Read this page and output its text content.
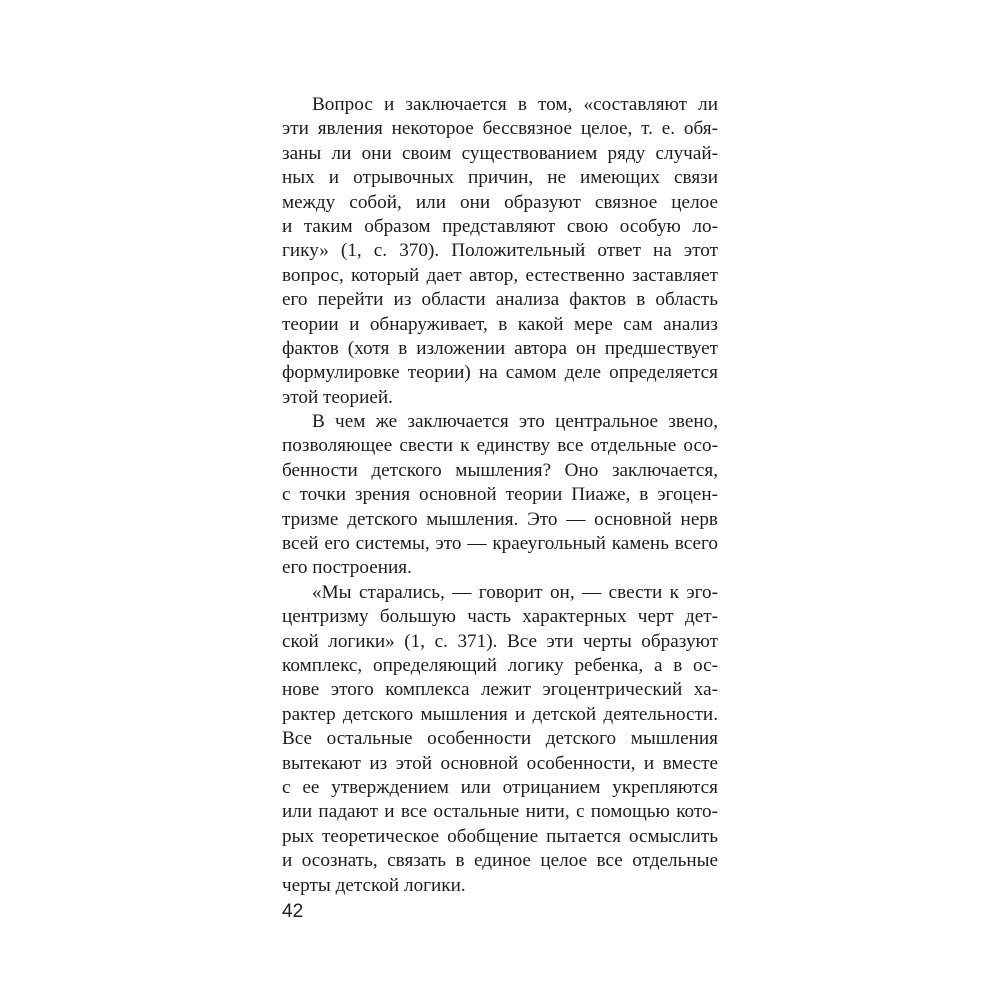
Вопрос и заключается в том, «составляют ли
эти явления некоторое бессвязное целое, т. е. обя-
заны ли они своим существованием ряду случай-
ных и отрывочных причин, не имеющих связи
между собой, или они образуют связное целое
и таким образом представляют свою особую ло-
гику» (1, с. 370). Положительный ответ на этот
вопрос, который дает автор, естественно заставляет
его перейти из области анализа фактов в область
теории и обнаруживает, в какой мере сам анализ
фактов (хотя в изложении автора он предшествует
формулировке теории) на самом деле определяется
этой теорией.
В чем же заключается это центральное звено,
позволяющее свести к единству все отдельные осо-
бенности детского мышления? Оно заключается,
с точки зрения основной теории Пиаже, в эгоцен-
тризме детского мышления. Это — основной нерв
всей его системы, это — краеугольный камень всего
его построения.
«Мы старались, — говорит он, — свести к эго-
центризму большую часть характерных черт дет-
ской логики» (1, с. 371). Все эти черты образуют
комплекс, определяющий логику ребенка, а в ос-
нове этого комплекса лежит эгоцентрический ха-
рактер детского мышления и детской деятельности.
Все остальные особенности детского мышления
вытекают из этой основной особенности, и вместе
с ее утверждением или отрицанием укрепляются
или падают и все остальные нити, с помощью кото-
рых теоретическое обобщение пытается осмыслить
и осознать, связать в единое целое все отдельные
черты детской логики.
42
